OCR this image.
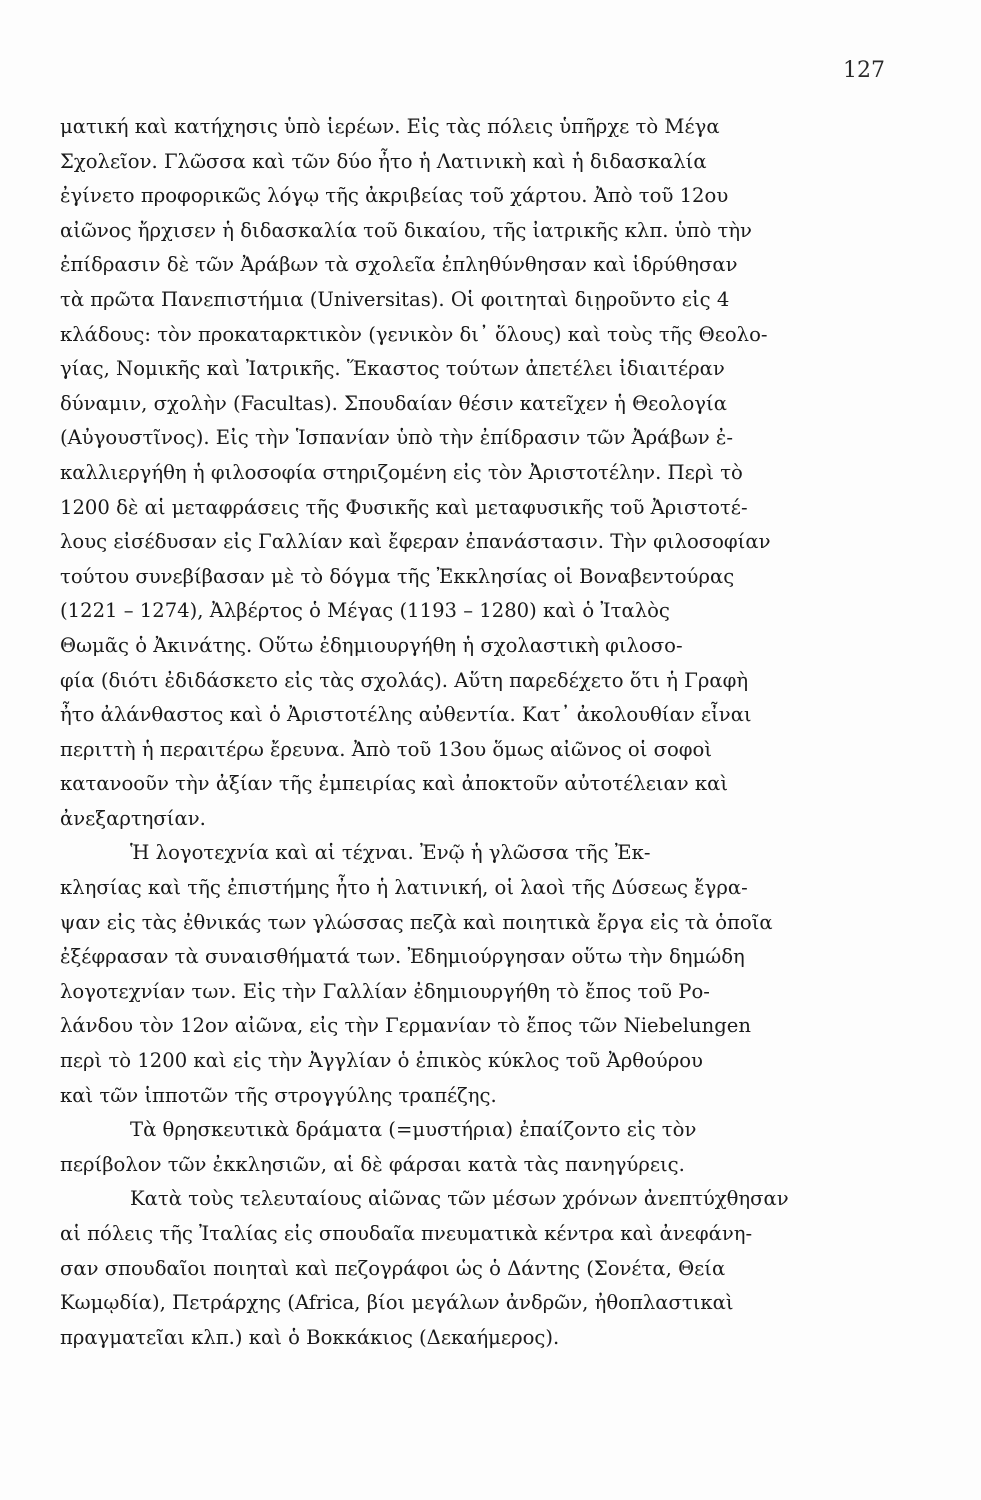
127
ματική καὶ κατήχησις ὑπὸ ἱερέων. Εἰς τὰς πόλεις ὑπῆρχε τὸ Μέγα
Σχολεῖον. Γλῶσσα καὶ τῶν δύο ἦτο ἡ Λατινικὴ καὶ ἡ διδασκαλία
ἐγίνετο προφορικῶς λόγῳ τῆς ἀκριβείας τοῦ χάρτου. Ἀπὸ τοῦ 12ου
αἰῶνος ἤρχισεν ἡ διδασκαλία τοῦ δικαίου, τῆς ἰατρικῆς κλπ. ὑπὸ τὴν
ἐπίδρασιν δὲ τῶν Ἀράβων τὰ σχολεῖα ἐπληθύνθησαν καὶ ἱδρύθησαν
τὰ πρῶτα Πανεπιστήμια (Universitas). Οἱ φοιτηταὶ διῃροῦντο εἰς 4
κλάδους: τὸν προκαταρκτικὸν (γενικὸν δι᾽ ὅλους) καὶ τοὺς τῆς Θεολο-
γίας, Νομικῆς καὶ Ἰατρικῆς. Ἕκαστος τούτων ἀπετέλει ἰδιαιτέραν
δύναμιν, σχολὴν (Facultas). Σπουδαίαν θέσιν κατεῖχεν ἡ Θεολογία
(Αὐγουστῖνος). Εἰς τὴν Ἱσπανίαν ὑπὸ τὴν ἐπίδρασιν τῶν Ἀράβων ἐ-
καλλιεργήθη ἡ φιλοσοφία στηριζομένη εἰς τὸν Ἀριστοτέλην. Περὶ τὸ
1200 δὲ αἱ μεταφράσεις τῆς Φυσικῆς καὶ μεταφυσικῆς τοῦ Ἀριστοτέ-
λους εἰσέδυσαν εἰς Γαλλίαν καὶ ἔφεραν ἐπανάστασιν. Τὴν φιλοσοφίαν
τούτου συνεβίβασαν μὲ τὸ δόγμα τῆς Ἐκκλησίας οἱ Βοναβεντούρας
(1221 – 1274), Ἀλβέρτος ὁ Μέγας (1193 – 1280) καὶ ὁ Ἰταλὸς
Θωμᾶς ὁ Ἀκινάτης. Οὕτω ἐδημιουργήθη ἡ σχολαστικὴ φιλοσο-
φία (διότι ἐδιδάσκετο εἰς τὰς σχολάς). Αὕτη παρεδέχετο ὅτι ἡ Γραφὴ
ἦτο ἀλάνθαστος καὶ ὁ Ἀριστοτέλης αὐθεντία. Κατ᾽ ἀκολουθίαν εἶναι
περιττὴ ἡ περαιτέρω ἔρευνα. Ἀπὸ τοῦ 13ου ὅμως αἰῶνος οἱ σοφοὶ
κατανοοῦν τὴν ἀξίαν τῆς ἐμπειρίας καὶ ἀποκτοῦν αὐτοτέλειαν καὶ
ἀνεξαρτησίαν.
Ἡ λογοτεχνία καὶ αἱ τέχναι. Ἐνῷ ἡ γλῶσσα τῆς Ἐκ-
κλησίας καὶ τῆς ἐπιστήμης ἦτο ἡ λατινική, οἱ λαοὶ τῆς Δύσεως ἔγρα-
ψαν εἰς τὰς ἐθνικάς των γλώσσας πεζὰ καὶ ποιητικὰ ἔργα εἰς τὰ ὁποῖα
ἐξέφρασαν τὰ συναισθήματά των. Ἐδημιούργησαν οὕτω τὴν δημώδη
λογοτεχνίαν των. Εἰς τὴν Γαλλίαν ἐδημιουργήθη τὸ ἔπος τοῦ Ρο-
λάνδου τὸν 12ον αἰῶνα, εἰς τὴν Γερμανίαν τὸ ἔπος τῶν Niebelungen
περὶ τὸ 1200 καὶ εἰς τὴν Ἀγγλίαν ὁ ἐπικὸς κύκλος τοῦ Ἀρθούρου
καὶ τῶν ἱπποτῶν τῆς στρογγύλης τραπέζης.
Τὰ θρησκευτικὰ δράματα (=μυστήρια) ἐπαίζοντο εἰς τὸν
περίβολον τῶν ἐκκλησιῶν, αἱ δὲ φάρσαι κατὰ τὰς πανηγύρεις.
Κατὰ τοὺς τελευταίους αἰῶνας τῶν μέσων χρόνων ἀνεπτύχθησαν
αἱ πόλεις τῆς Ἰταλίας εἰς σπουδαῖα πνευματικὰ κέντρα καὶ ἀνεφάνη-
σαν σπουδαῖοι ποιηταὶ καὶ πεζογράφοι ὡς ὁ Δάντης (Σονέτα, Θεία
Κωμῳδία), Πετράρχης (Africa, βίοι μεγάλων ἀνδρῶν, ἠθοπλαστικαὶ
πραγματεῖαι κλπ.) καὶ ὁ Βοκκάκιος (Δεκαήμερος).
